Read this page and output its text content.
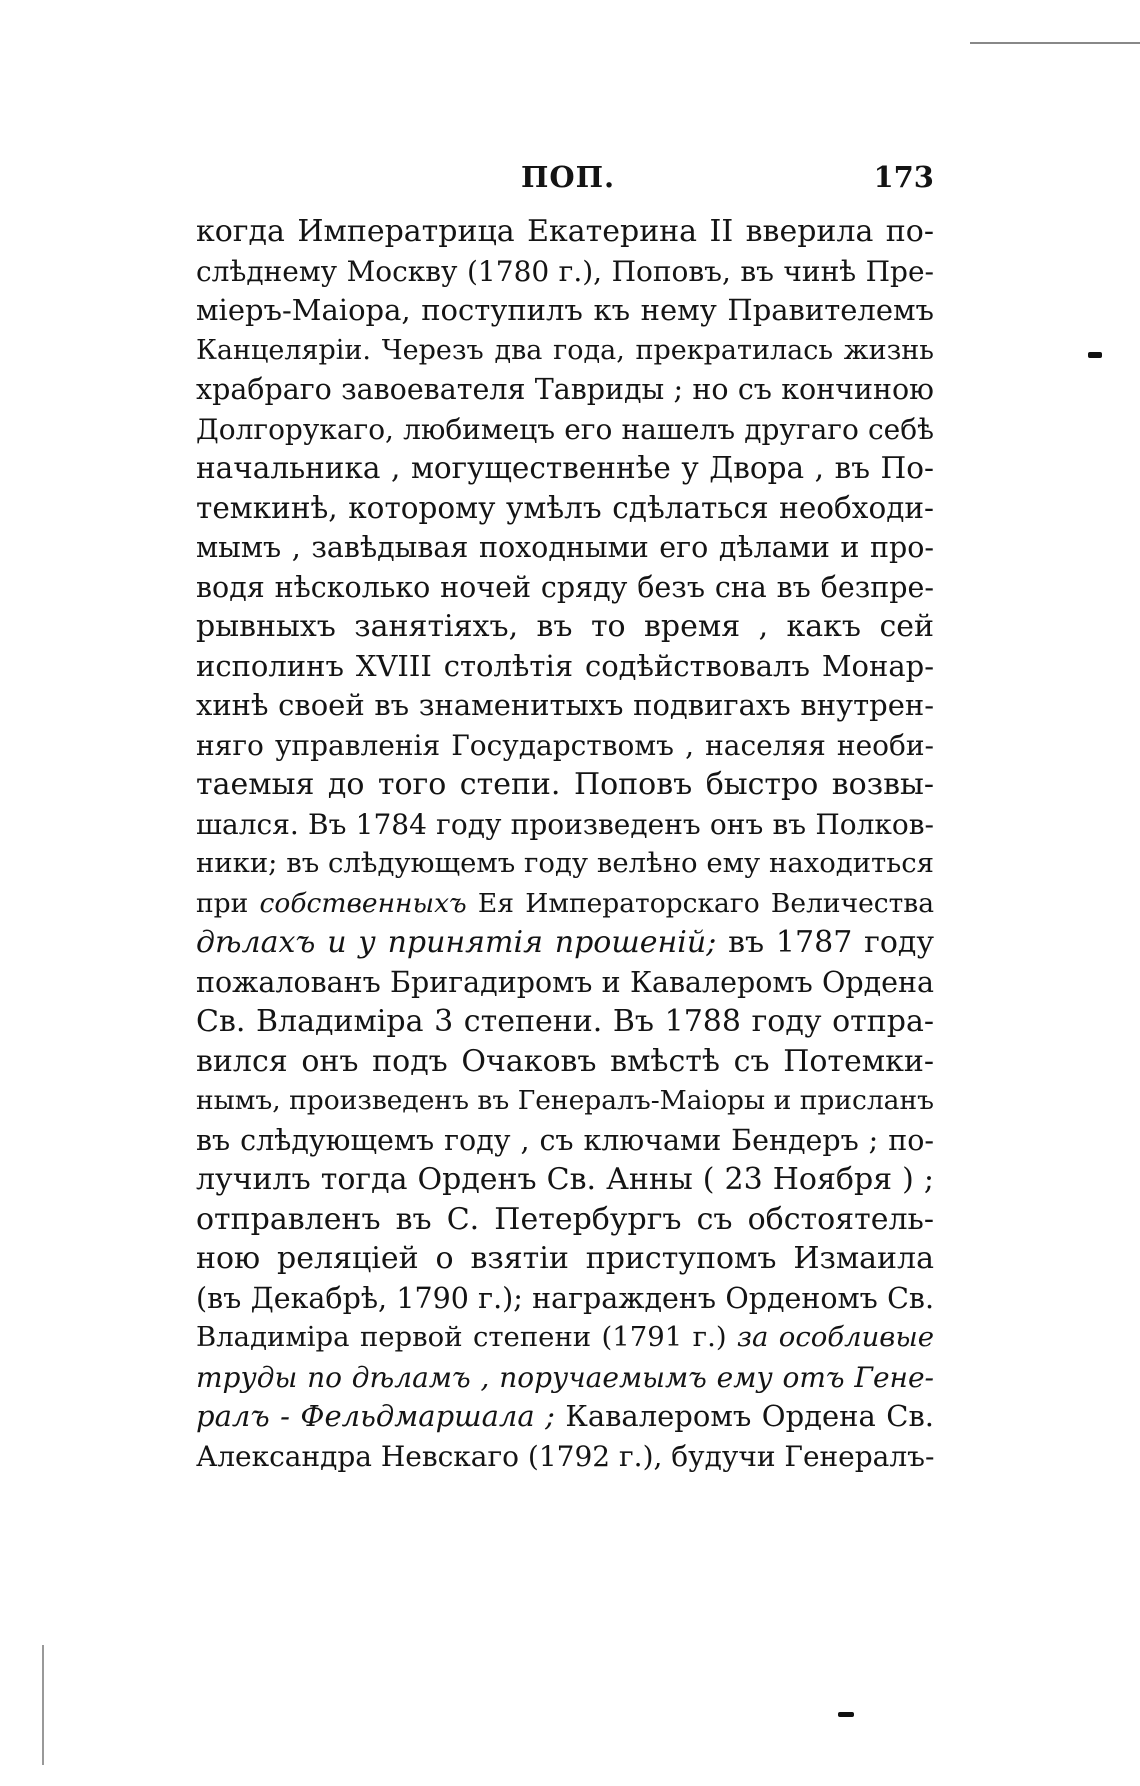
ПОП.	173
когда Императрица Екатерина II вверила по-
слѣднему Москву (1780 г.), Поповъ, въ чинѣ Пре-
міеръ-Маіора, поступилъ къ нему Правителемъ
Канцеляріи. Черезъ два года, прекратилась жизнь
храбраго завоевателя Тавриды ; но съ кончиною
Долгорукаго, любимецъ его нашелъ другаго себѣ
начальника , могущественнѣе у Двора , въ По-
темкинѣ, которому умѣлъ сдѣлаться необходи-
мымъ , завѣдывая походными его дѣлами и про-
водя нѣсколько ночей сряду безъ сна въ безпре-
рывныхъ занятіяхъ, въ то время , какъ сей
исполинъ XVIII столѣтія содѣйствовалъ Монар-
хинѣ своей въ знаменитыхъ подвигахъ внутрен-
няго управленія Государствомъ , населяя необи-
таемыя до того степи. Поповъ быстро возвы-
шался. Въ 1784 году произведенъ онъ въ Полков-
ники; въ слѣдующемъ году велѣно ему находиться
при собственныхъ Ея Императорскаго Величества
дѣлахъ и у принятія прошеній; въ 1787 году
пожалованъ Бригадиромъ и Кавалеромъ Ордена
Св. Владиміра 3 степени. Въ 1788 году отпра-
вился онъ подъ Очаковъ вмѣстѣ съ Потемки-
нымъ, произведенъ въ Генералъ-Маіоры и присланъ
въ слѣдующемъ году , съ ключами Бендеръ ; по-
лучилъ тогда Орденъ Св. Анны ( 23 Ноября ) ;
отправленъ въ С. Петербургъ съ обстоятель-
ною реляціей о взятіи приступомъ Измаила
(въ Декабрѣ, 1790 г.); награжденъ Орденомъ Св.
Владиміра первой степени (1791 г.) за особливые
труды по дѣламъ , поручаемымъ ему отъ Гене-
ралъ - Фельдмаршала ; Кавалеромъ Ордена Св.
Александра Невскаго (1792 г.), будучи Генералъ-
